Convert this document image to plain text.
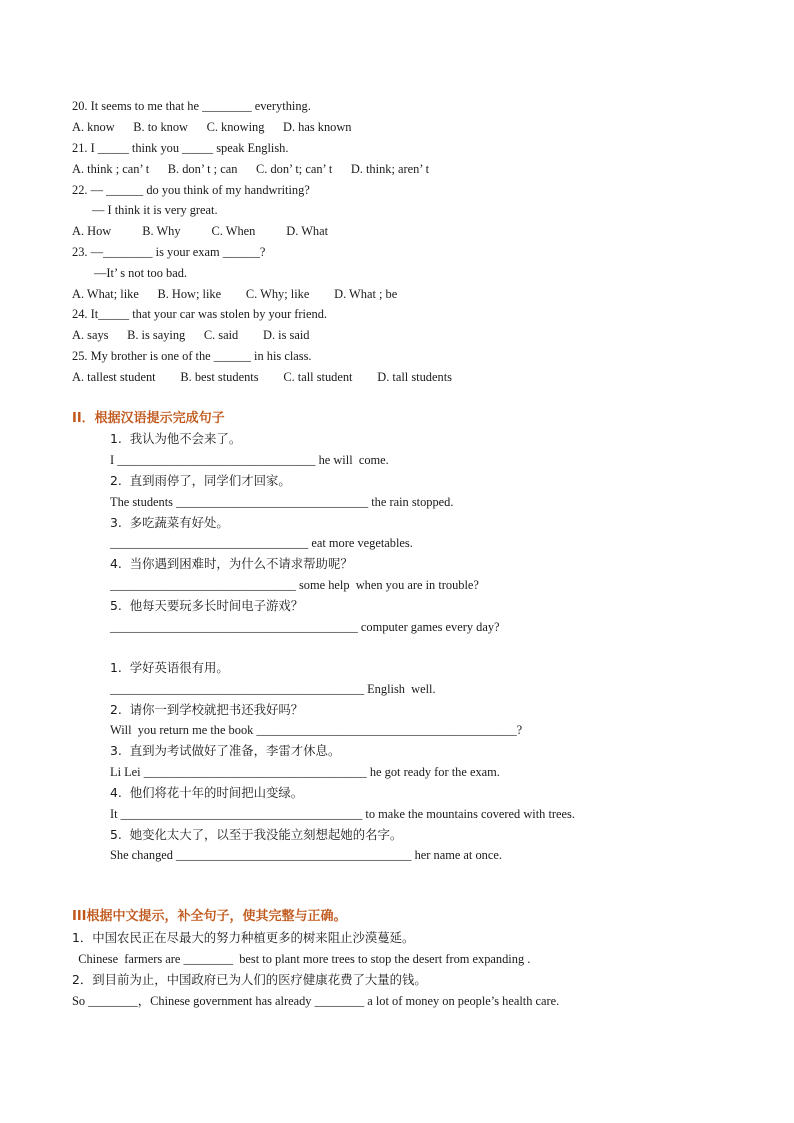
20. It seems to me that he ________ everything.
A. know      B. to know      C. knowing      D. has known
21. I _____ think you _____ speak English.
A. think ; can’ t      B. don’ t ; can      C. don’ t; can’ t      D. think; aren’ t
22. — ______ do you think of my handwriting?
— I think it is very great.
A. How          B. Why          C. When          D. What
23. —________ is your exam ______?
—It’ s not too bad.
A. What; like      B. How; like        C. Why; like        D. What ; be
24. It_____ that your car was stolen by your friend.
A. says      B. is saying      C. said        D. is said
25. My brother is one of the ______ in his class.
A. tallest student        B. best students        C. tall student        D. tall students
II．根据汉语提示完成句子
1.  我认为他不会来了。
I ________________________________ he will  come.
2.  直到雨停了，同学们才回家。
The students _______________________________ the rain stopped.
3.  多吃蔬菜有好处。
________________________________ eat more vegetables.
4.  当你遇到困难时，为什么不请求帮助呢？
______________________________ some help  when you are in trouble?
5.  他每天要玩多长时间电子游戏？
________________________________________ computer games every day?
1.  学好英语很有用。
_________________________________________ English  well.
2.  请你一到学校就把书还我好吗？
Will  you return me the book __________________________________________?
3.  直到为考试做好了准备，李雷才休息。
Li Lei ____________________________________ he got ready for the exam.
4.  他们将花十年的时间把山变绿。
It _______________________________________ to make the mountains covered with trees.
5.  她变化太大了，以至于我没能立刻想起她的名字。
She changed ______________________________________ her name at once.
III根据中文提示，补全句子，使其完整与正确。
1．中国农民正在尽最大的努力种植更多的树来阻止沙漠蔓延。
Chinese  farmers are ________  best to plant more trees to stop the desert from expanding .
2．到目前为止，中国政府已为人们的医疗健康花费了大量的钱。
So ________，Chinese government has already ________ a lot of money on people’s health care.
